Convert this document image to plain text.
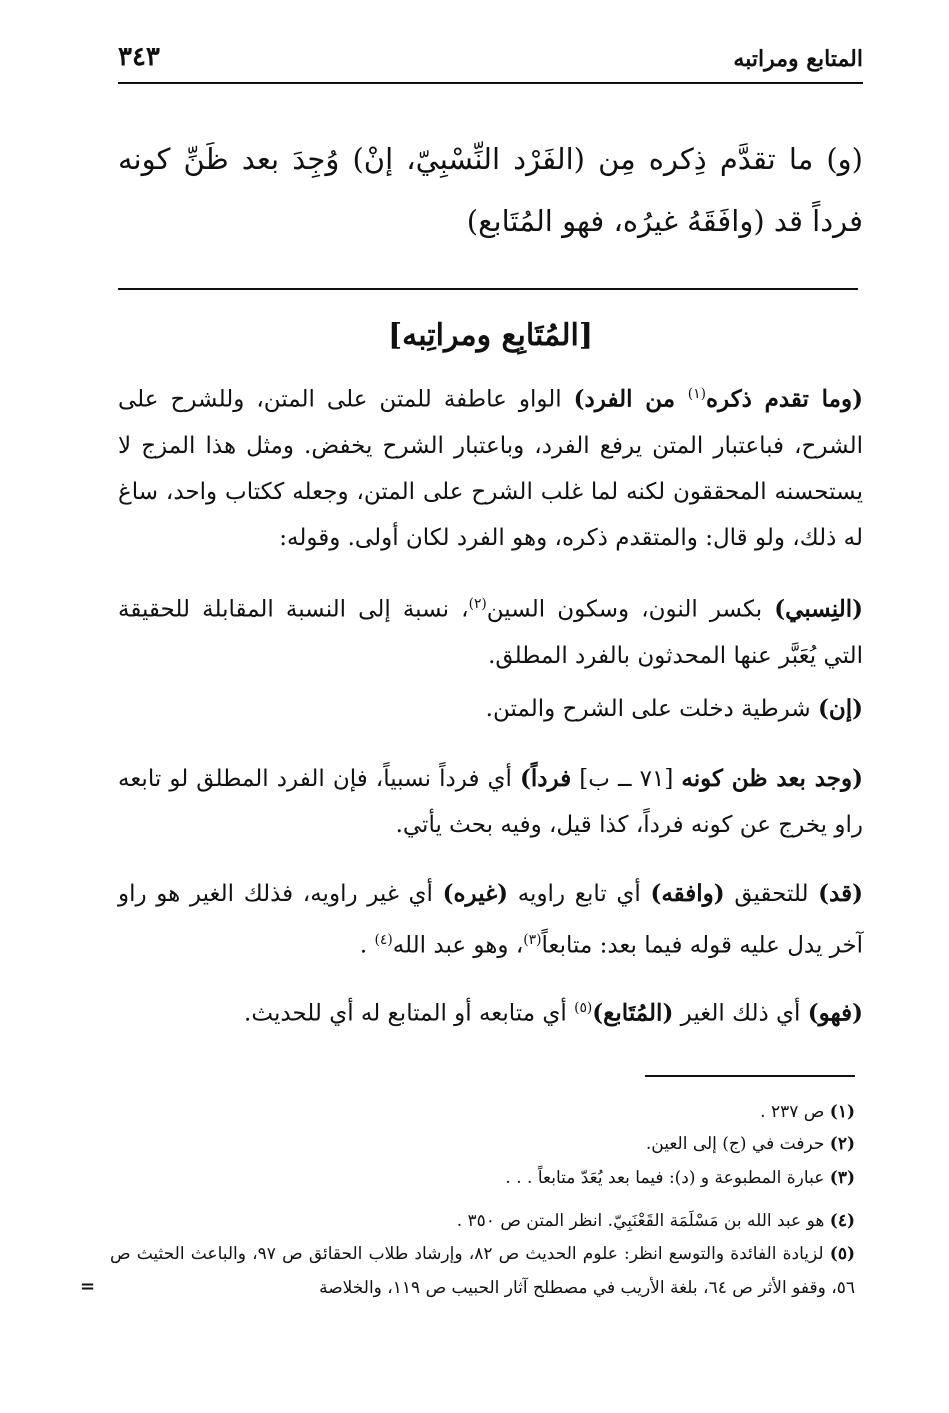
المتابع ومراتبه
٣٤٣
(و) ما تقدَّم ذِكره مِن (الفَرْد النِّسْبِيّ، إنْ) وُجِدَ بعد ظَنِّ كونه فرداً قد (وافَقَهُ غيرُه، فهو المُتَابع)
[المُتَابِع ومراتِبه]

(وما تقدم ذكره$^{(١)}$ من الفرد) الواو عاطفة للمتن على المتن، وللشرح على الشرح، فباعتبار المتن يرفع الفرد، وباعتبار الشرح يخفض. ومثل هذا المزج لا يستحسنه المحققون لكنه لما غلب الشرح على المتن، وجعله ككتاب واحد، ساغ له ذلك، ولو قال: والمتقدم ذكره، وهو الفرد لكان أولى. وقوله:

(النِسبي) بكسر النون، وسكون السين$^{(٢)}$، نسبة إلى النسبة المقابلة للحقيقة التي يُعَبَّر عنها المحدثون بالفرد المطلق.

(إن) شرطية دخلت على الشرح والمتن.

(وجد بعد ظن كونه [٧١ ــ ب] فرداً) أي فرداً نسبياً، فإن الفرد المطلق لو تابعه راو يخرج عن كونه فرداً، كذا قيل، وفيه بحث يأتي.

(قد) للتحقيق (وافقه) أي تابع راويه (غيره) أي غير راويه، فذلك الغير هو راو آخر يدل عليه قوله فيما بعد: متابعاً$^{(٣)}$، وهو عبد الله$^{(٤)}$ .

(فهو) أي ذلك الغير (المُتَابع)$^{(٥)}$ أي متابعه أو المتابع له أي للحديث.

(١) ص ٢٣٧ .
(٢) حرفت في (ج) إلى العين.
(٣) عبارة المطبوعة و (د): فيما بعد يُعَدّ متابعاً . . .
(٤) هو عبد الله بن مَسْلَمَة القَعْنَبِيّ. انظر المتن ص ٣٥٠ .
(٥) لزيادة الفائدة والتوسع انظر: علوم الحديث ص ٨٢، وإرشاد طلاب الحقائق ص ٩٧، والباعث الحثيث ص ٥٦، وقفو الأثر ص ٦٤، بلغة الأريب في مصطلح آثار الحبيب ص ١١٩، والخلاصة
=
